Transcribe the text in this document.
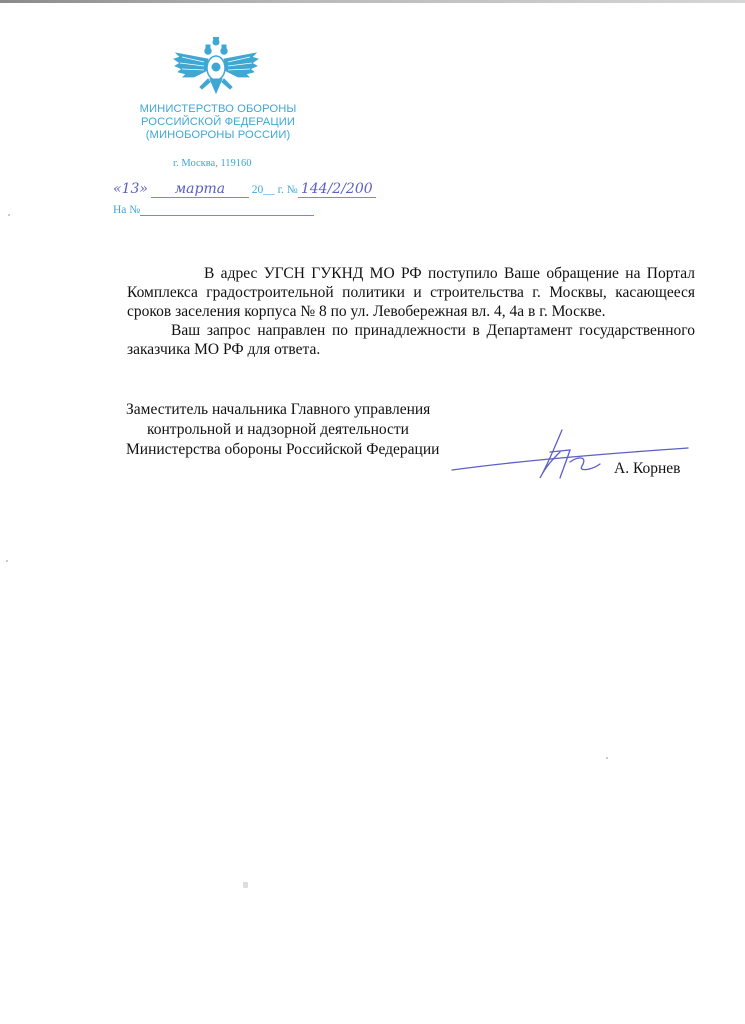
МИНИСТЕРСТВО ОБОРОНЫ
РОССИЙСКОЙ ФЕДЕРАЦИИ
(МИНОБОРОНЫ РОССИИ)
г. Москва, 119160
«13» марта 20__ г. № 144/2/200
На №

В адрес УГСН ГУКНД МО РФ поступило Ваше обращение на Портал Комплекса градостроительной политики и строительства г. Москвы, касающееся сроков заселения корпуса № 8 по ул. Левобережная вл. 4, 4а в г. Москве.

Ваш запрос направлен по принадлежности в Департамент государственного заказчика МО РФ для ответа.

Заместитель начальника Главного управления
контрольной и надзорной деятельности
Министерства обороны Российской Федерации
А. Корнев
